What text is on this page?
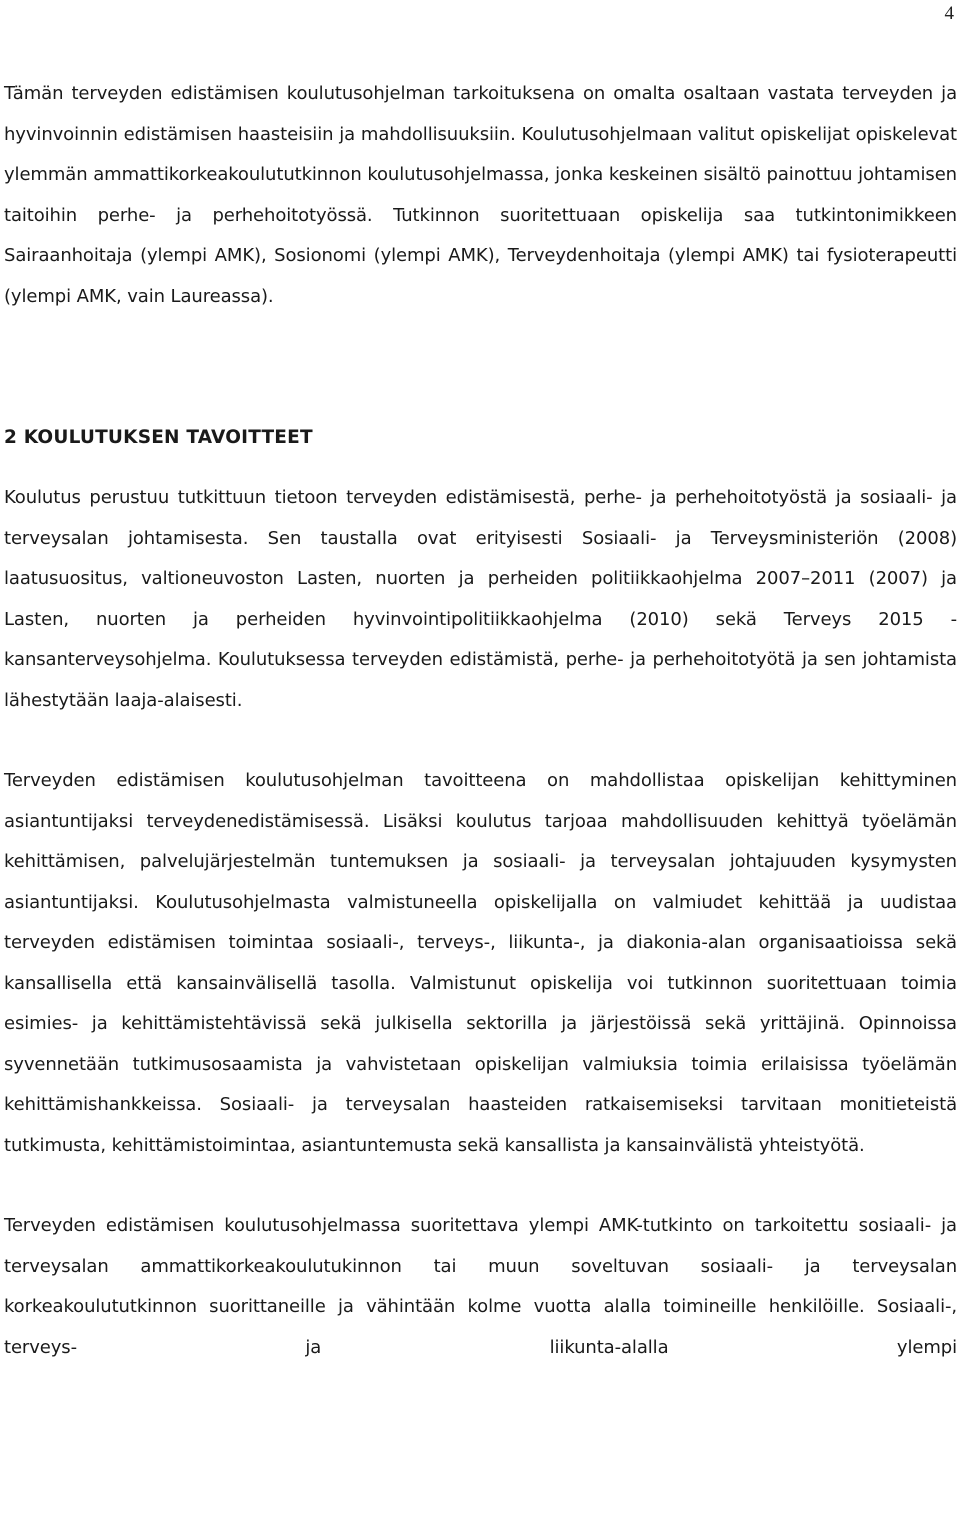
4

Tämän terveyden edistämisen koulutusohjelman tarkoituksena on omalta osaltaan vastata terveyden ja hyvinvoinnin edistämisen haasteisiin ja mahdollisuuksiin. Koulutusohjelmaan valitut opiskelijat opiskelevat ylemmän ammattikorkeakoulututkinnon koulutusohjelmassa, jonka keskeinen sisältö painottuu johtamisen taitoihin perhe- ja perhehoitotyössä. Tutkinnon suoritettuaan opiskelija saa tutkintonimikkeen Sairaanhoitaja (ylempi AMK), Sosionomi (ylempi AMK), Terveydenhoitaja (ylempi AMK) tai fysioterapeutti (ylempi AMK, vain Laureassa).

2 KOULUTUKSEN TAVOITTEET

Koulutus perustuu tutkittuun tietoon terveyden edistämisestä, perhe- ja perhehoitotyöstä ja sosiaali- ja terveysalan johtamisesta. Sen taustalla ovat erityisesti Sosiaali- ja Terveysministeriön (2008) laatusuositus, valtioneuvoston Lasten, nuorten ja perheiden politiikkaohjelma 2007–2011 (2007) ja Lasten, nuorten ja perheiden hyvinvointipolitiikkaohjelma (2010) sekä Terveys 2015 - kansanterveysohjelma. Koulutuksessa terveyden edistämistä, perhe- ja perhehoitotyötä ja sen johtamista lähestytään laaja-alaisesti.

Terveyden edistämisen koulutusohjelman tavoitteena on mahdollistaa opiskelijan kehittyminen asiantuntijaksi terveydenedistämisessä. Lisäksi koulutus tarjoaa mahdollisuuden kehittyä työelämän kehittämisen, palvelujärjestelmän tuntemuksen ja sosiaali- ja terveysalan johtajuuden kysymysten asiantuntijaksi. Koulutusohjelmasta valmistuneella opiskelijalla on valmiudet kehittää ja uudistaa terveyden edistämisen toimintaa sosiaali-, terveys-, liikunta-, ja diakonia-alan organisaatioissa sekä kansallisella että kansainvälisellä tasolla. Valmistunut opiskelija voi tutkinnon suoritettuaan toimia esimies- ja kehittämistehtävissä sekä julkisella sektorilla ja järjestöissä sekä yrittäjinä. Opinnoissa syvennetään tutkimusosaamista ja vahvistetaan opiskelijan valmiuksia toimia erilaisissa työelämän kehittämishankkeissa. Sosiaali- ja terveysalan haasteiden ratkaisemiseksi tarvitaan monitieteistä tutkimusta, kehittämistoimintaa, asiantuntemusta sekä kansallista ja kansainvälistä yhteistyötä.

Terveyden edistämisen koulutusohjelmassa suoritettava ylempi AMK-tutkinto on tarkoitettu sosiaali- ja terveysalan ammattikorkeakoulutukinnon tai muun soveltuvan sosiaali- ja terveysalan korkeakoulututkinnon suorittaneille ja vähintään kolme vuotta alalla toimineille henkilöille. Sosiaali-, terveys- ja liikunta-alalla ylempi
